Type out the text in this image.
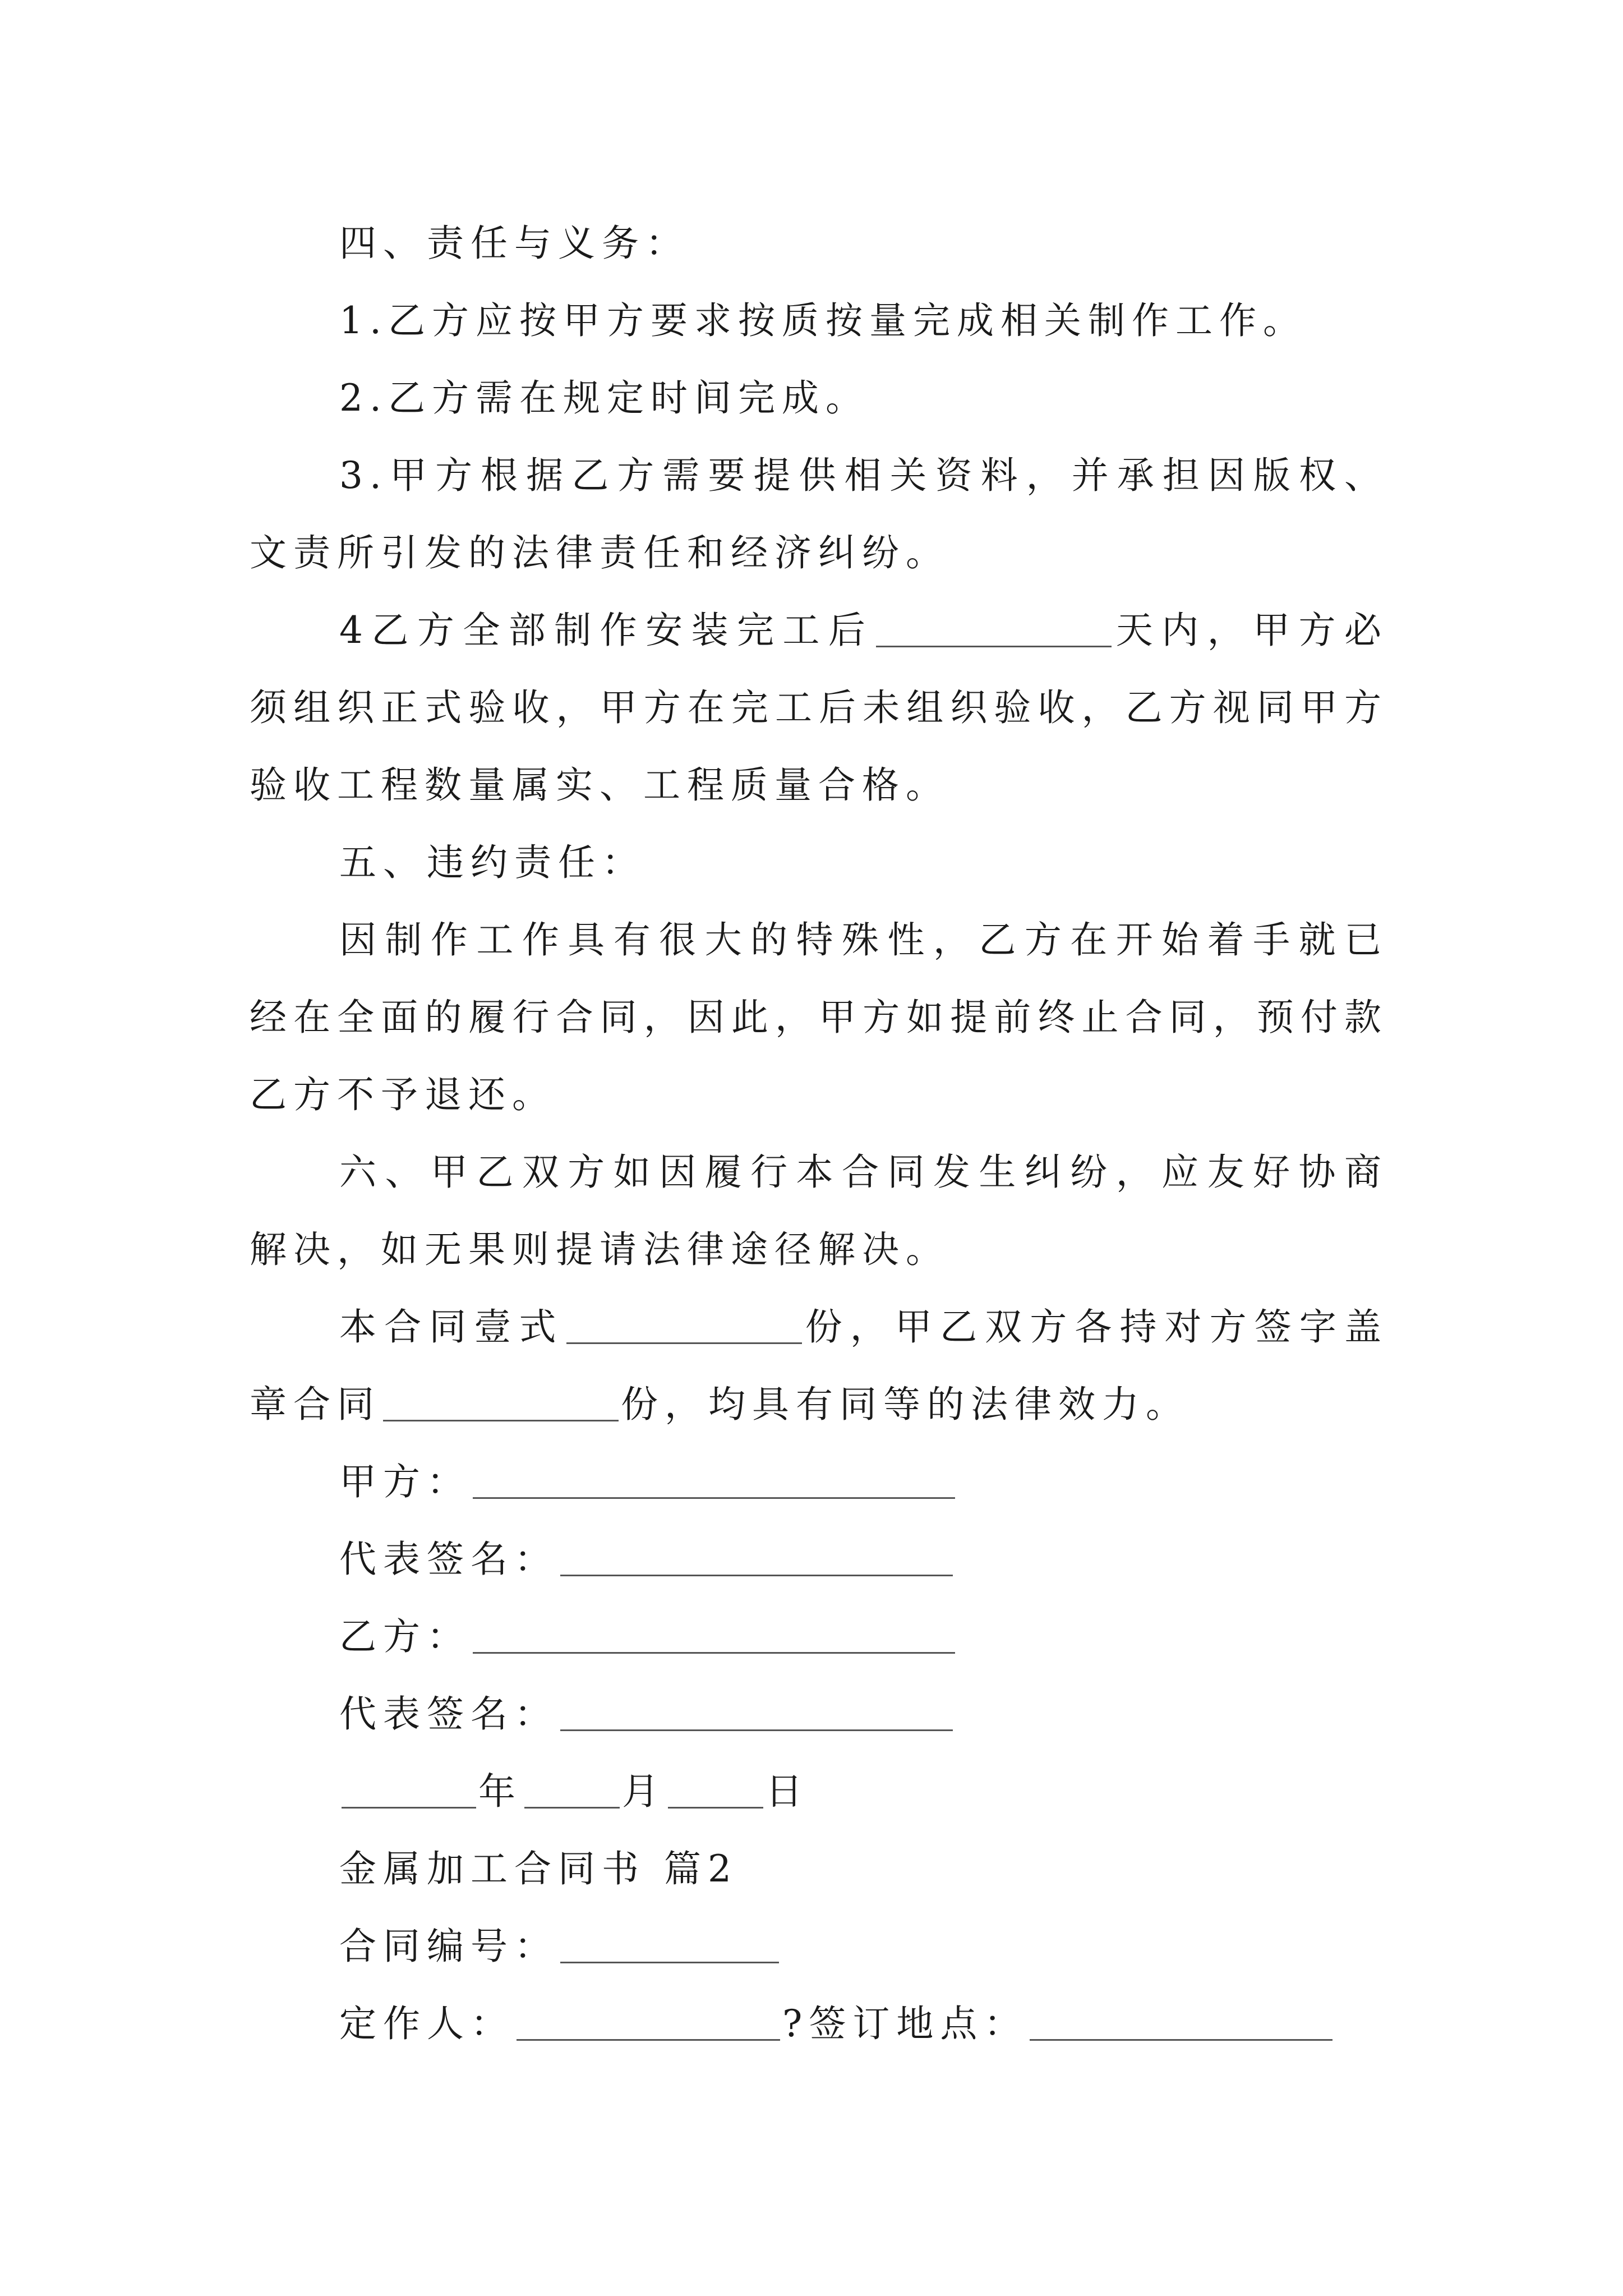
四、责任与义务：

1.乙方应按甲方要求按质按量完成相关制作工作。

2.乙方需在规定时间完成。

3.甲方根据乙方需要提供相关资料，并承担因版权、文责所引发的法律责任和经济纠纷。

4乙方全部制作安装完工后	天内，甲方必须组织正式验收，甲方在完工后未组织验收，乙方视同甲方验收工程数量属实、工程质量合格。

五、违约责任：

因制作工作具有很大的特殊性，乙方在开始着手就已经在全面的履行合同，因此，甲方如提前终止合同，预付款乙方不予退还。

六、甲乙双方如因履行本合同发生纠纷，应友好协商解决，如无果则提请法律途径解决。

本合同壹式	份，甲乙双方各持对方签字盖章合同	份，均具有同等的法律效力。

甲方：

代表签名：

乙方：

代表签名：

年	月	日

金属加工合同书 篇2

合同编号：

定作人：	?签订地点：
